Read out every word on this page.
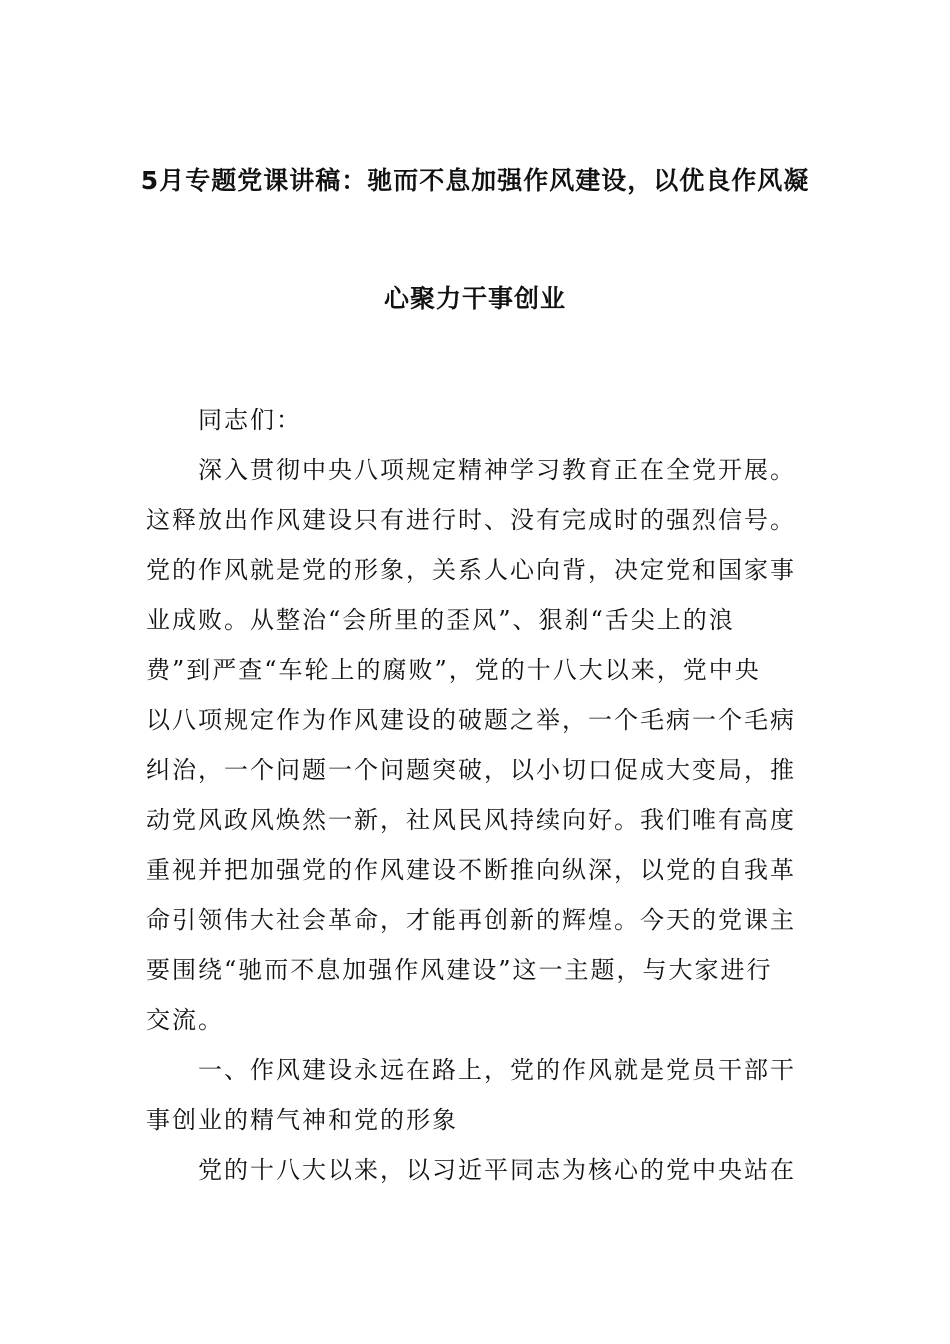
5月专题党课讲稿：驰而不息加强作风建设，以优良作风凝
心聚力干事创业
同志们：
深入贯彻中央八项规定精神学习教育正在全党开展。
这释放出作风建设只有进行时、没有完成时的强烈信号。
党的作风就是党的形象，关系人心向背，决定党和国家事
业成败。从整治“会所里的歪风”、狠刹“舌尖上的浪
费”到严查“车轮上的腐败”，党的十八大以来，党中央
以八项规定作为作风建设的破题之举，一个毛病一个毛病
纠治，一个问题一个问题突破，以小切口促成大变局，推
动党风政风焕然一新，社风民风持续向好。我们唯有高度
重视并把加强党的作风建设不断推向纵深，以党的自我革
命引领伟大社会革命，才能再创新的辉煌。今天的党课主
要围绕“驰而不息加强作风建设”这一主题，与大家进行
交流。
一、作风建设永远在路上，党的作风就是党员干部干
事创业的精气神和党的形象
党的十八大以来，以习近平同志为核心的党中央站在
